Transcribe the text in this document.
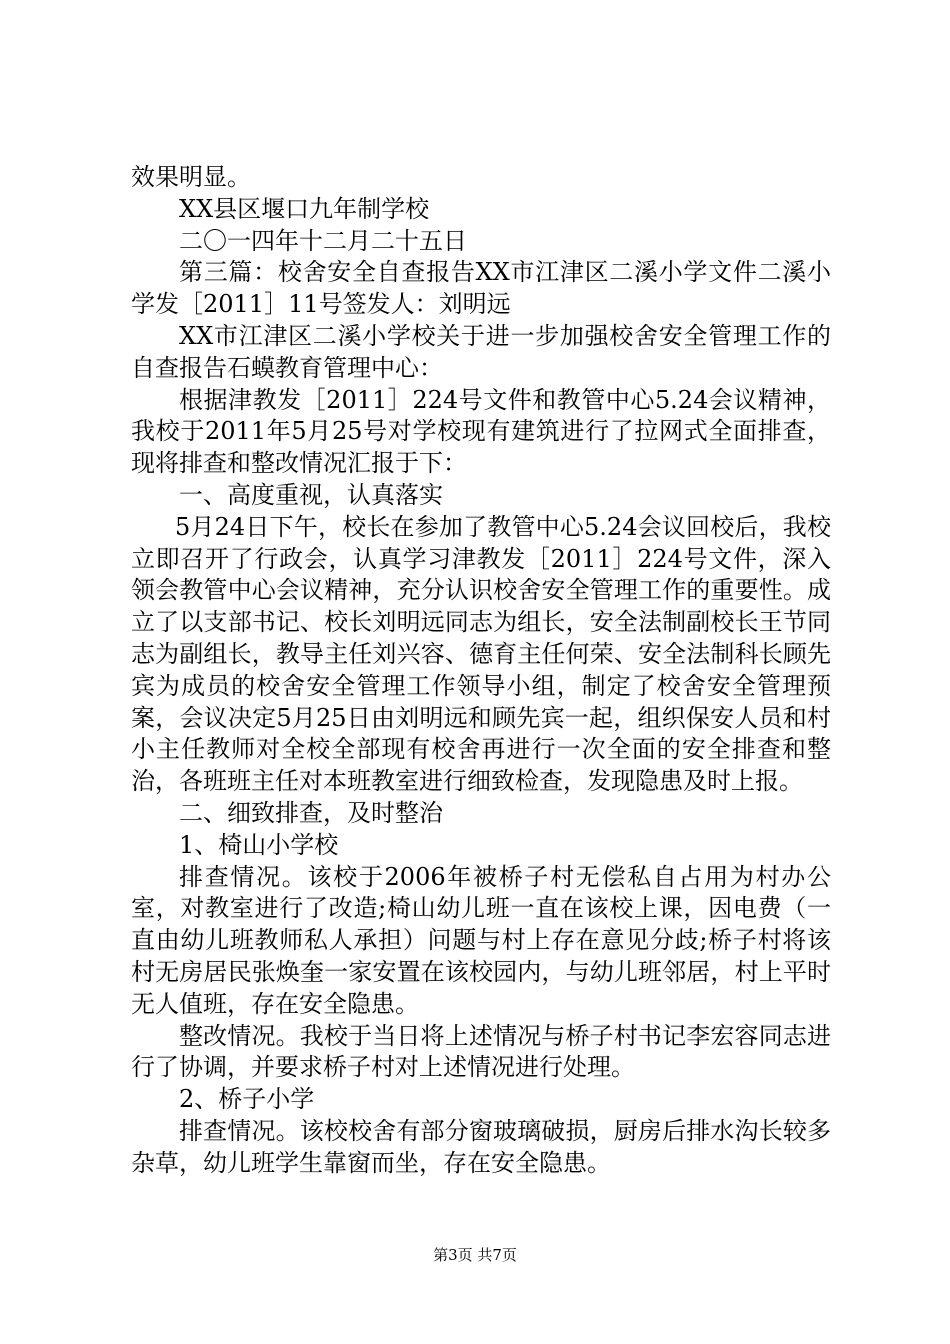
效果明显。

XX县区堰口九年制学校

二〇一四年十二月二十五日

第三篇：校舍安全自查报告XX市江津区二溪小学文件二溪小学发［2011］11号签发人：刘明远

XX市江津区二溪小学校关于进一步加强校舍安全管理工作的自查报告石蟆教育管理中心：

根据津教发［2011］224号文件和教管中心5.24会议精神，我校于2011年5月25号对学校现有建筑进行了拉网式全面排查，现将排查和整改情况汇报于下：

一、高度重视，认真落实

5月24日下午，校长在参加了教管中心5.24会议回校后，我校立即召开了行政会，认真学习津教发［2011］224号文件，深入领会教管中心会议精神，充分认识校舍安全管理工作的重要性。成立了以支部书记、校长刘明远同志为组长，安全法制副校长王节同志为副组长，教导主任刘兴容、德育主任何荣、安全法制科长顾先宾为成员的校舍安全管理工作领导小组，制定了校舍安全管理预案，会议决定5月25日由刘明远和顾先宾一起，组织保安人员和村小主任教师对全校全部现有校舍再进行一次全面的安全排查和整治，各班班主任对本班教室进行细致检查，发现隐患及时上报。

二、细致排查，及时整治

1、椅山小学校

排查情况。该校于2006年被桥子村无偿私自占用为村办公室，对教室进行了改造;椅山幼儿班一直在该校上课，因电费（一直由幼儿班教师私人承担）问题与村上存在意见分歧;桥子村将该村无房居民张焕奎一家安置在该校园内，与幼儿班邻居，村上平时无人值班，存在安全隐患。

整改情况。我校于当日将上述情况与桥子村书记李宏容同志进行了协调，并要求桥子村对上述情况进行处理。

2、桥子小学

排查情况。该校校舍有部分窗玻璃破损，厨房后排水沟长较多杂草，幼儿班学生靠窗而坐，存在安全隐患。

第3页 共7页
